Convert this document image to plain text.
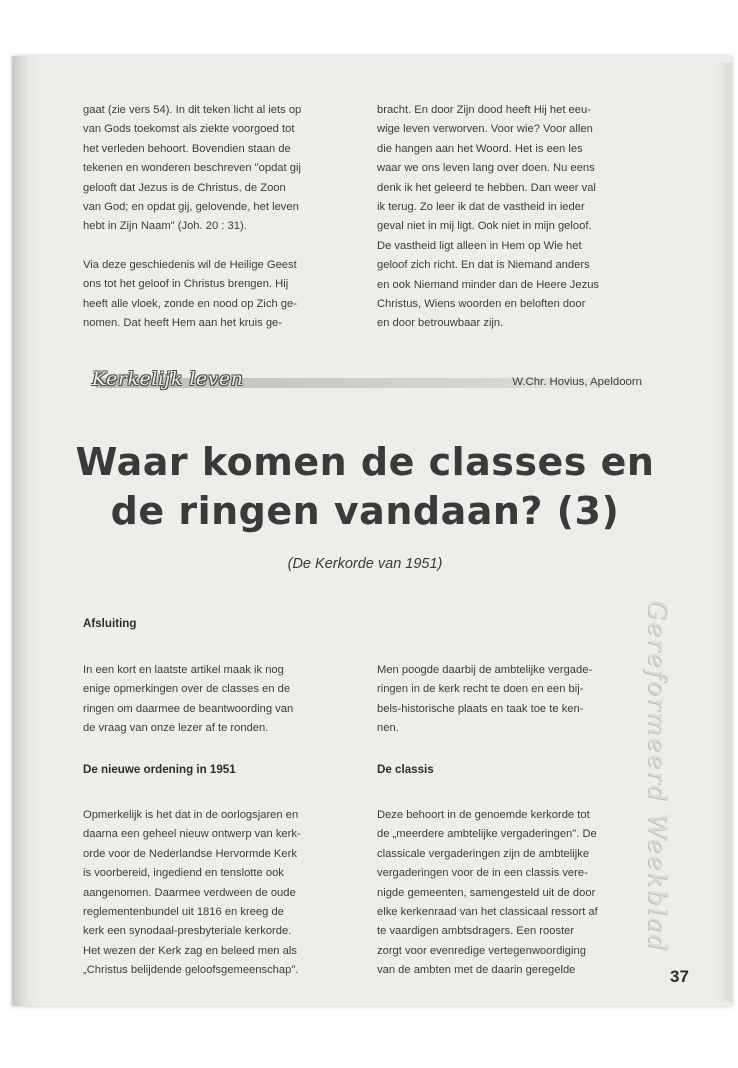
gaat (zie vers 54). In dit teken licht al iets op

van Gods toekomst als ziekte voorgoed tot

het verleden behoort. Bovendien staan de

tekenen en wonderen beschreven "opdat gij

gelooft dat Jezus is de Christus, de Zoon

van God; en opdat gij, gelovende, het leven

hebt in Zijn Naam" (Joh. 20 : 31).

Via deze geschiedenis wil de Heilige Geest

ons tot het geloof in Christus brengen. Hij

heeft alle vloek, zonde en nood op Zich ge-

nomen. Dat heeft Hem aan het kruis ge-

bracht. En door Zijn dood heeft Hij het eeu-

wige leven verworven. Voor wie? Voor allen

die hangen aan het Woord. Het is een les

waar we ons leven lang over doen. Nu eens

denk ik het geleerd te hebben. Dan weer val

ik terug. Zo leer ik dat de vastheid in ieder

geval niet in mij ligt. Ook niet in mijn geloof.

De vastheid ligt alleen in Hem op Wie het

geloof zich richt. En dat is Niemand anders

en ook Niemand minder dan de Heere Jezus

Christus, Wiens woorden en beloften door

en door betrouwbaar zijn.

Kerkelijk leven	W.Chr. Hovius, Apeldoorn
Waar komen de classes en
de ringen vandaan? (3)
(De Kerkorde van 1951)
Afsluiting

In een kort en laatste artikel maak ik nog

enige opmerkingen over de classes en de

ringen om daarmee de beantwoording van

de vraag van onze lezer af te ronden.

Men poogde daarbij de ambtelijke vergade-

ringen in de kerk recht te doen en een bij-

bels-historische plaats en taak toe te ken-

nen.

De nieuwe ordening in 1951	De classis

Opmerkelijk is het dat in de oorlogsjaren en

daarna een geheel nieuw ontwerp van kerk-

orde voor de Nederlandse Hervormde Kerk

is voorbereid, ingediend en tenslotte ook

aangenomen. Daarmee verdween de oude

reglementenbundel uit 1816 en kreeg de

kerk een synodaal-presbyteriale kerkorde.

Het wezen der Kerk zag en beleed men als

„Christus belijdende geloofsgemeenschap".

Deze behoort in de genoemde kerkorde tot

de „meerdere ambtelijke vergaderingen". De

classicale vergaderingen zijn de ambtelijke

vergaderingen voor de in een classis vere-

nigde gemeenten, samengesteld uit de door

elke kerkenraad van het classicaal ressort af

te vaardigen ambtsdragers. Een rooster

zorgt voor evenredige vertegenwoordiging

van de ambten met de daarin geregelde

Gereformeerd Weekblad
37
